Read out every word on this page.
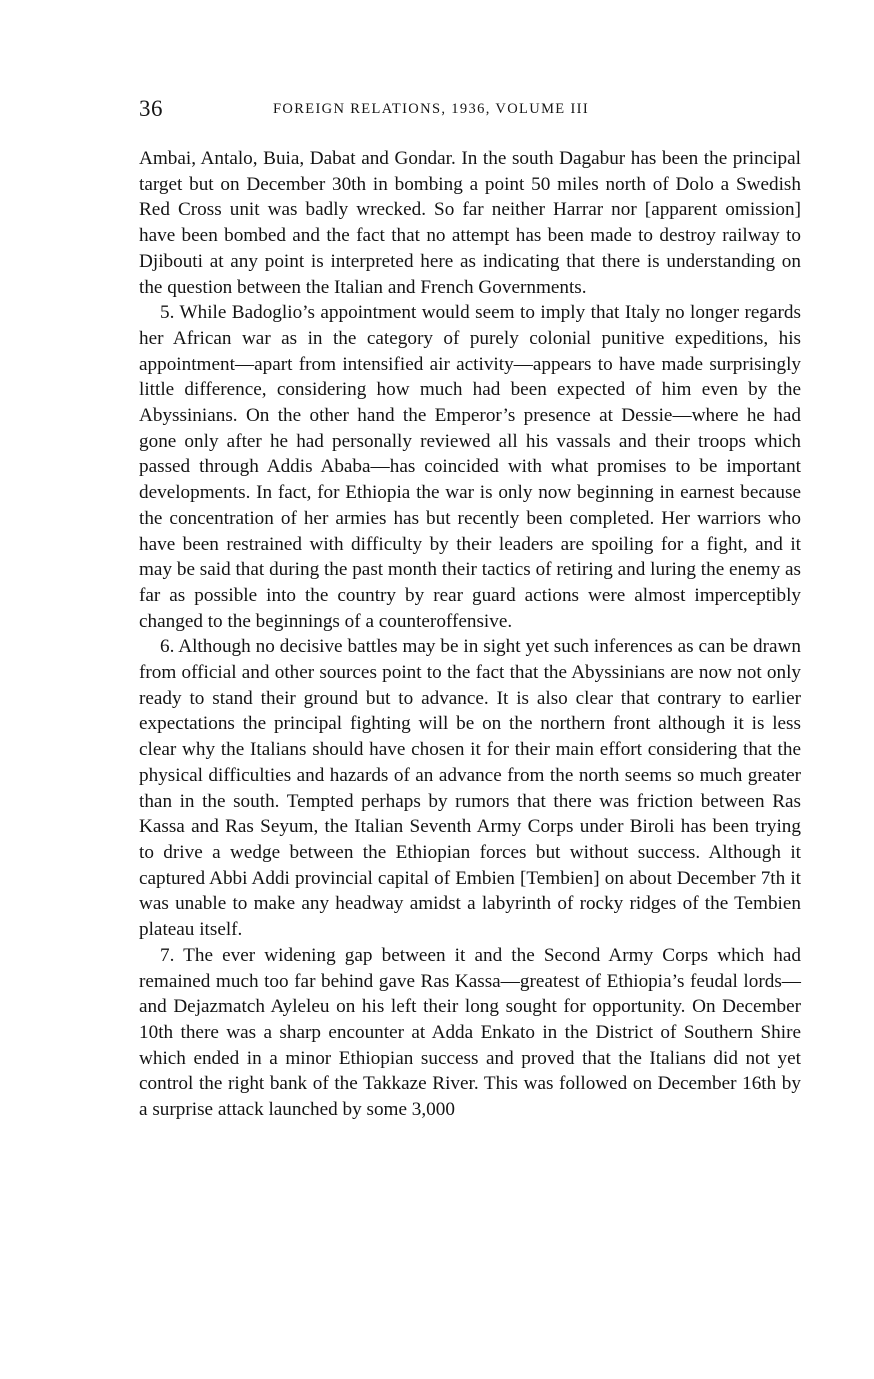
36	FOREIGN RELATIONS, 1936, VOLUME III

Ambai, Antalo, Buia, Dabat and Gondar. In the south Dagabur has been the principal target but on December 30th in bombing a point 50 miles north of Dolo a Swedish Red Cross unit was badly wrecked. So far neither Harrar nor [apparent omission] have been bombed and the fact that no attempt has been made to destroy railway to Djibouti at any point is interpreted here as indicating that there is understanding on the question between the Italian and French Governments.

5. While Badoglio’s appointment would seem to imply that Italy no longer regards her African war as in the category of purely colonial punitive expeditions, his appointment—apart from intensified air activity—appears to have made surprisingly little difference, considering how much had been expected of him even by the Abyssinians. On the other hand the Emperor’s presence at Dessie—where he had gone only after he had personally reviewed all his vassals and their troops which passed through Addis Ababa—has coincided with what promises to be important developments. In fact, for Ethiopia the war is only now beginning in earnest because the concentration of her armies has but recently been completed. Her warriors who have been restrained with difficulty by their leaders are spoiling for a fight, and it may be said that during the past month their tactics of retiring and luring the enemy as far as possible into the country by rear guard actions were almost imperceptibly changed to the beginnings of a counteroffensive.

6. Although no decisive battles may be in sight yet such inferences as can be drawn from official and other sources point to the fact that the Abyssinians are now not only ready to stand their ground but to advance. It is also clear that contrary to earlier expectations the principal fighting will be on the northern front although it is less clear why the Italians should have chosen it for their main effort considering that the physical difficulties and hazards of an advance from the north seems so much greater than in the south. Tempted perhaps by rumors that there was friction between Ras Kassa and Ras Seyum, the Italian Seventh Army Corps under Biroli has been trying to drive a wedge between the Ethiopian forces but without success. Although it captured Abbi Addi provincial capital of Embien [Tembien] on about December 7th it was unable to make any headway amidst a labyrinth of rocky ridges of the Tembien plateau itself.

7. The ever widening gap between it and the Second Army Corps which had remained much too far behind gave Ras Kassa—greatest of Ethiopia’s feudal lords—and Dejazmatch Ayleleu on his left their long sought for opportunity. On December 10th there was a sharp encounter at Adda Enkato in the District of Southern Shire which ended in a minor Ethiopian success and proved that the Italians did not yet control the right bank of the Takkaze River. This was followed on December 16th by a surprise attack launched by some 3,000
